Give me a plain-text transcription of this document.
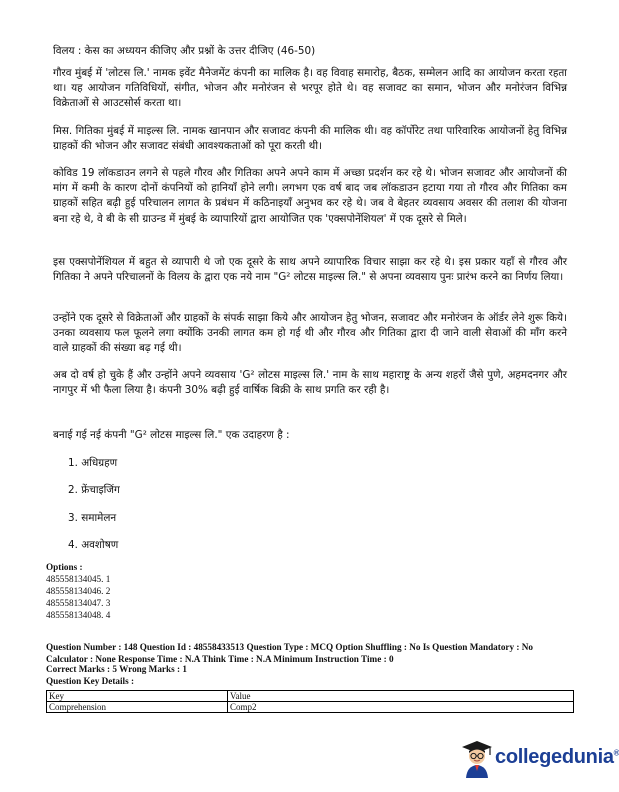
विलय : केस का अध्ययन कीजिए और प्रश्नों के उत्तर दीजिए (46-50)

गौरव मुंबई में 'लोटस लि.' नामक इवेंट मैनेजमेंट कंपनी का मालिक है। वह विवाह समारोह, बैठक, सम्मेलन आदि का आयोजन करता रहता था। यह आयोजन गतिविधियों, संगीत, भोजन और मनोरंजन से भरपूर होते थे। वह सजावट का समान, भोजन और मनोरंजन विभिन्न विक्रेताओं से आउटसोर्स करता था।

मिस. गितिका मुंबई में माइल्स लि. नामक खानपान और सजावट कंपनी की मालिक थी। वह कॉर्पोरेट तथा पारिवारिक आयोजनों हेतु विभिन्न ग्राहकों की भोजन और सजावट संबंधी आवश्यकताओं को पूरा करती थी।

कोविड 19 लॉकडाउन लगने से पहले गौरव और गितिका अपने अपने काम में अच्छा प्रदर्शन कर रहे थे। भोजन सजावट और आयोजनों की मांग में कमी के कारण दोनों कंपनियों को हानियाँ होने लगी। लगभग एक वर्ष बाद जब लॉकडाउन हटाया गया तो गौरव और गितिका कम ग्राहकों सहित बढ़ी हुई परिचालन लागत के प्रबंधन में कठिनाइयाँ अनुभव कर रहे थे। जब वे बेहतर व्यवसाय अवसर की तलाश की योजना बना रहे थे, वे बी के सी ग्राउन्ड में मुंबई के व्यापारियों द्वारा आयोजित एक 'एक्सपोनेंशियल' में एक दूसरे से मिले।

इस एक्सपोनेंशियल में बहुत से व्यापारी थे जो एक दूसरे के साथ अपने व्यापारिक विचार साझा कर रहे थे। इस प्रकार यहाँ से गौरव और गितिका ने अपने परिचालनों के विलय के द्वारा एक नये नाम "G² लोटस माइल्स लि." से अपना व्यवसाय पुनः प्रारंभ करने का निर्णय लिया।

उन्होंने एक दूसरे से विक्रेताओं और ग्राहकों के संपर्क साझा किये और आयोजन हेतु भोजन, सजावट और मनोरंजन के ऑर्डर लेने शुरू किये। उनका व्यवसाय फल फूलने लगा क्योंकि उनकी लागत कम हो गई थी और गौरव और गितिका द्वारा दी जाने वाली सेवाओं की माँग करने वाले ग्राहकों की संख्या बढ़ गई थी।

अब दो वर्ष हो चुके हैं और उन्होंने अपने व्यवसाय 'G² लोटस माइल्स लि.' नाम के साथ महाराष्ट्र के अन्य शहरों जैसे पुणे, अहमदनगर और नागपुर में भी फैला लिया है। कंपनी 30% बढ़ी हुई वार्षिक बिक्री के साथ प्रगति कर रही है।

बनाई गई नई कंपनी "G² लोटस माइल्स लि." एक उदाहरण है :
1. अधिग्रहण
2. फ्रेंचाइजिंग
3. समामेलन
4. अवशोषण
Options :
485558134045. 1
485558134046. 2
485558134047. 3
485558134048. 4
Question Number : 148 Question Id : 48558433513 Question Type : MCQ Option Shuffling : No Is Question Mandatory : No Calculator : None Response Time : N.A Think Time : N.A Minimum Instruction Time : 0
Correct Marks : 5 Wrong Marks : 1
Question Key Details :
Key	Value
Comprehension	Comp2
collegedunia®
